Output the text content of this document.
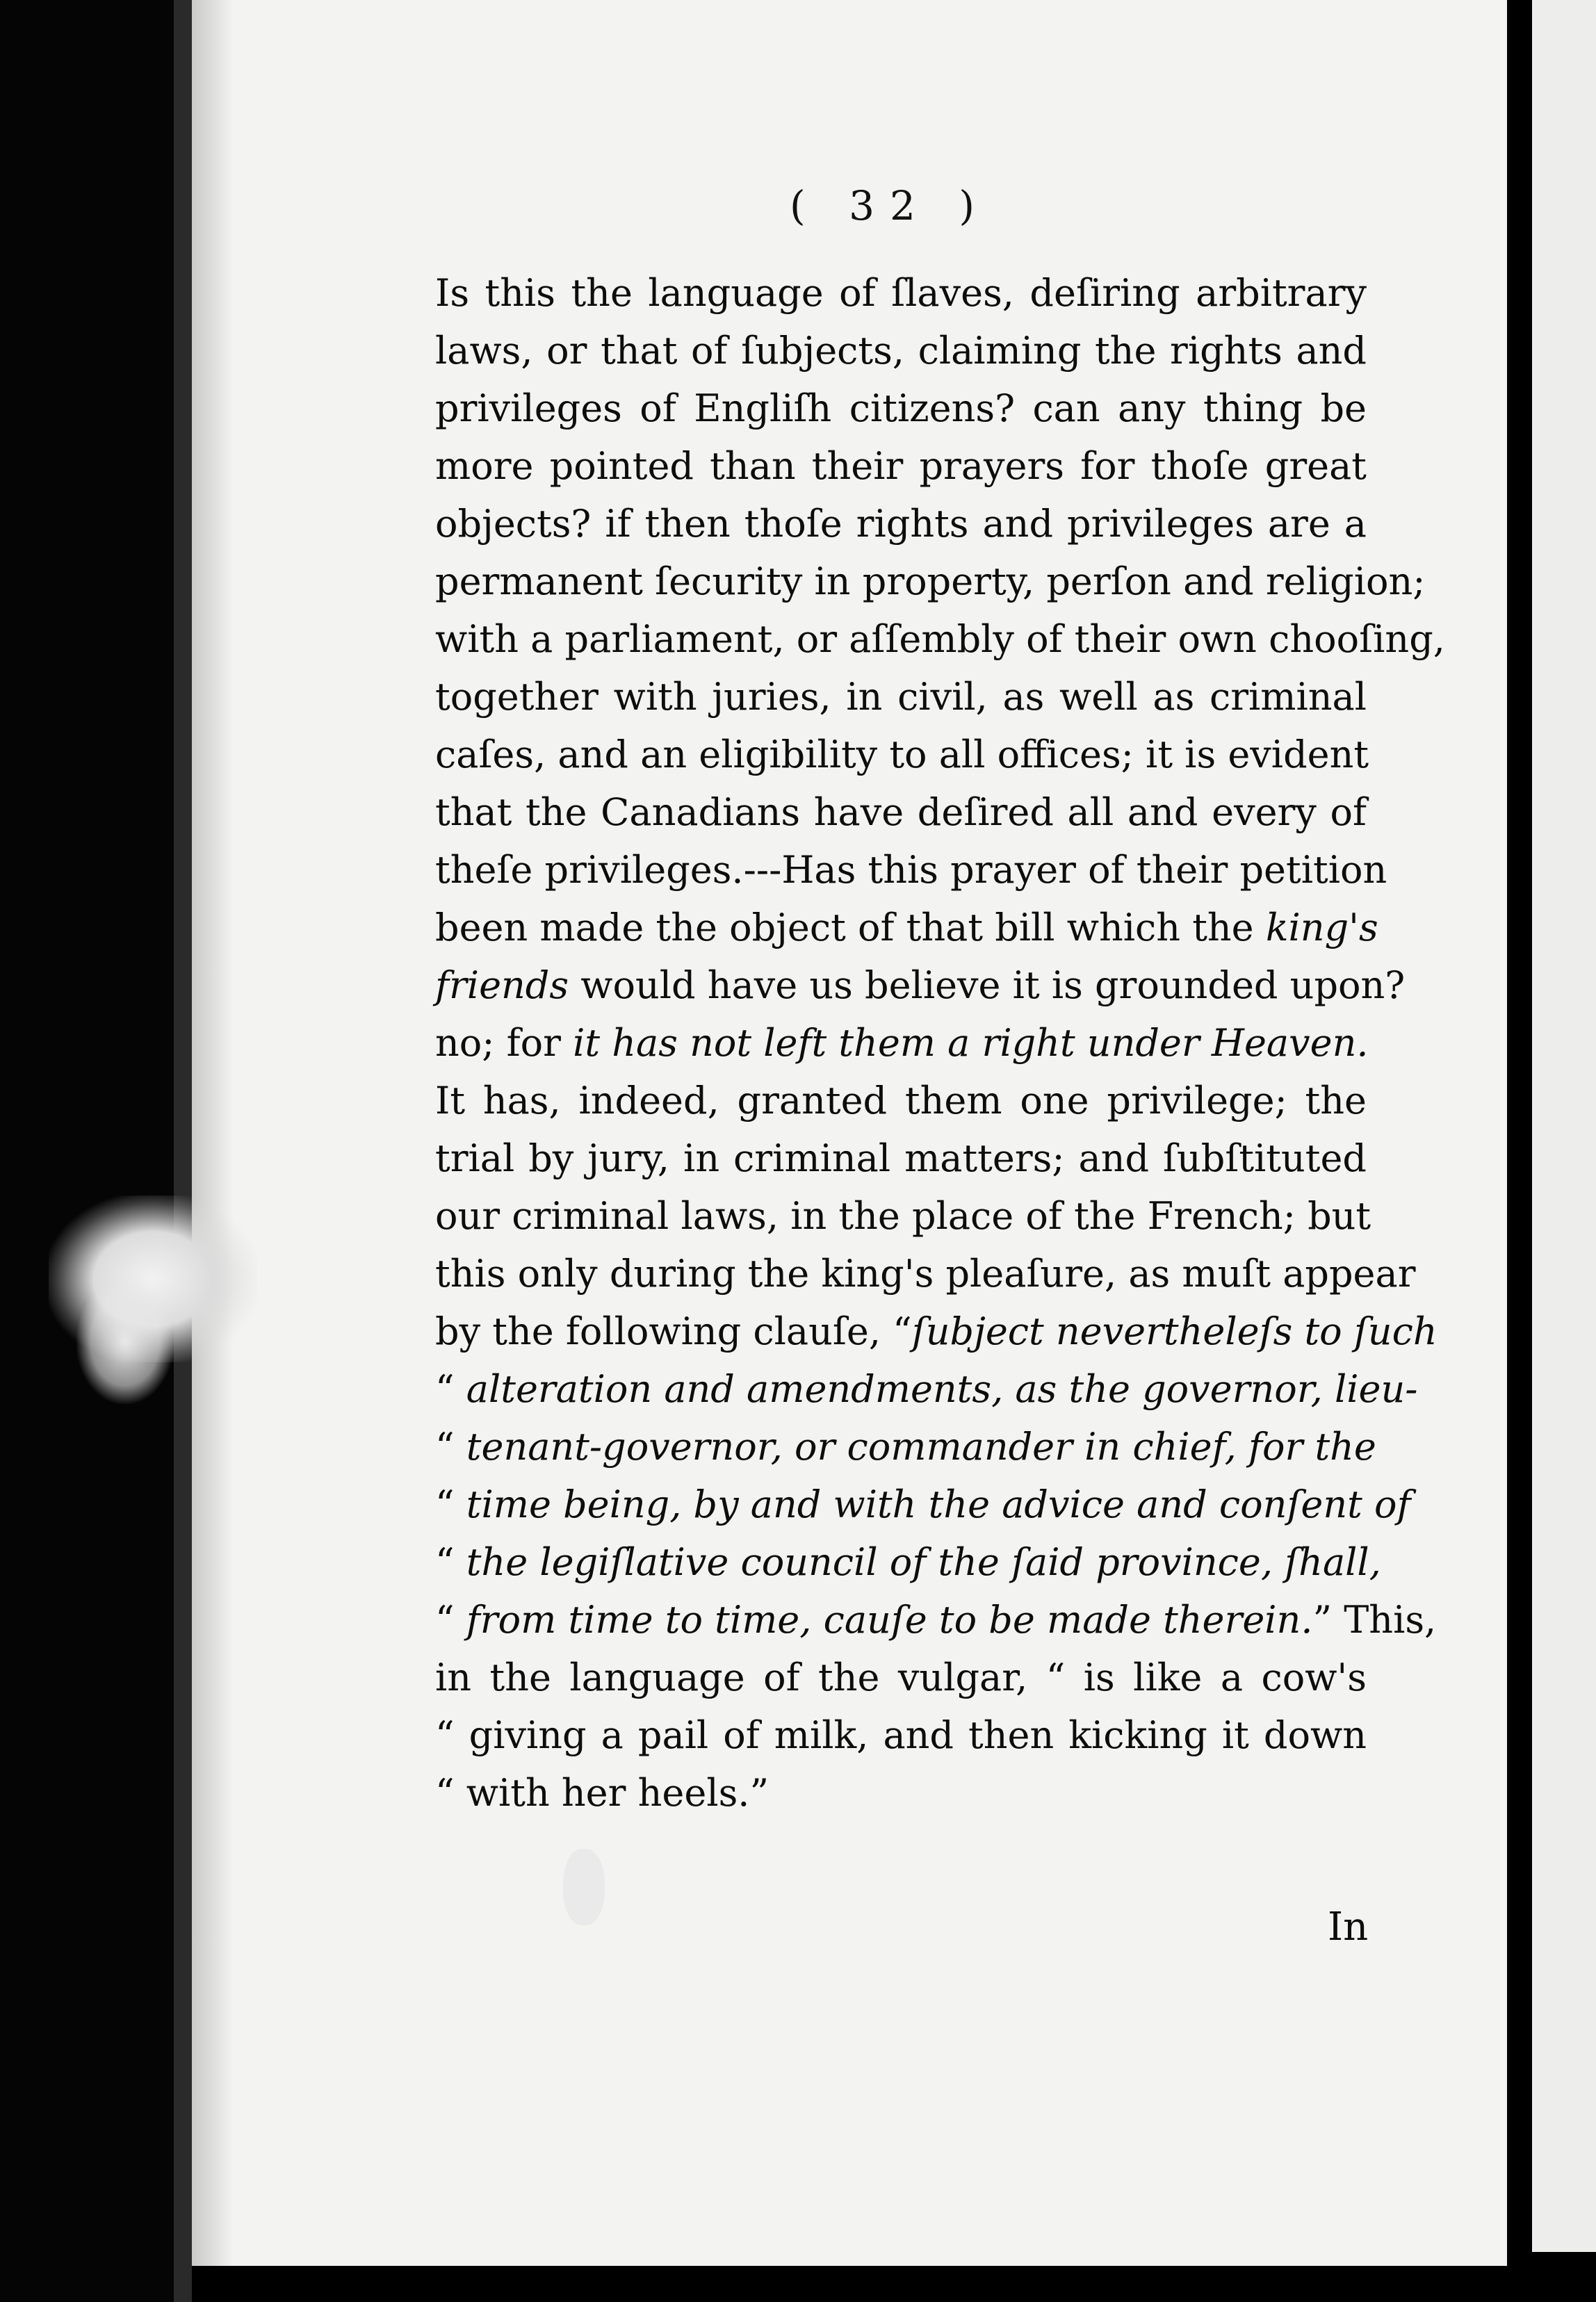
( 32 )
Is this the language of ſlaves, deſiring arbitrary
laws, or that of ſubjects, claiming the rights and
privileges of Engliſh citizens? can any thing be
more pointed than their prayers for thoſe great
objects? if then thoſe rights and privileges are a
permanent ſecurity in property, perſon and religion;
with a parliament, or aſſembly of their own chooſing,
together with juries, in civil, as well as criminal
caſes, and an eligibility to all offices; it is evident
that the Canadians have deſired all and every of
theſe privileges.---Has this prayer of their petition
been made the object of that bill which the king's
friends would have us believe it is grounded upon?
no; for it has not left them a right under Heaven.
It has, indeed, granted them one privilege; the
trial by jury, in criminal matters; and ſubſtituted
our criminal laws, in the place of the French; but
this only during the king's pleaſure, as muſt appear
by the following clauſe, “ſubject nevertheleſs to ſuch
“ alteration and amendments, as the governor, lieu-
“ tenant-governor, or commander in chief, for the
“ time being, by and with the advice and conſent of
“ the legiſlative council of the ſaid province, ſhall,
“ from time to time, cauſe to be made therein.” This,
in the language of the vulgar, “ is like a cow's
“ giving a pail of milk, and then kicking it down
“ with her heels.”
In
